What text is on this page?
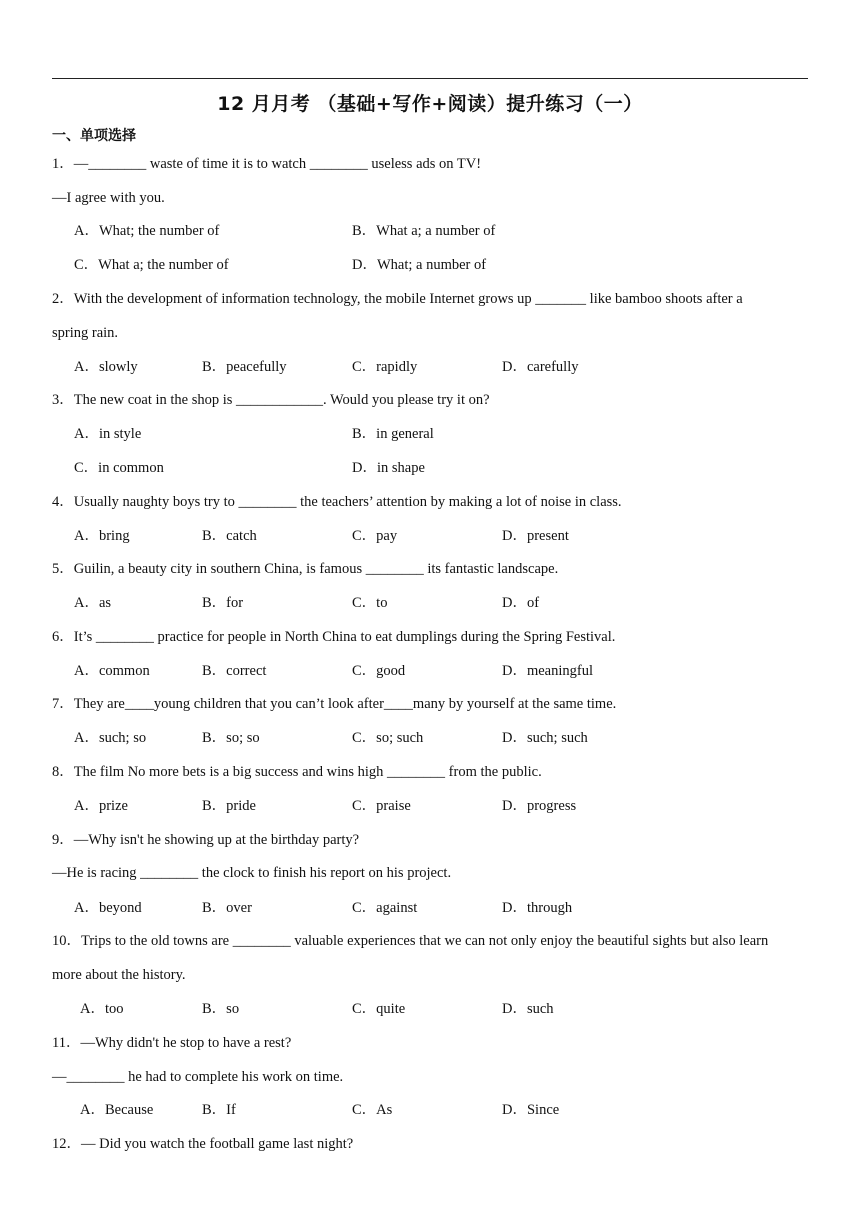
12 月月考 （基础+写作+阅读）提升练习（一）
一、单项选择
1．—________ waste of time it is to watch ________ useless ads on TV!
—I agree with you.
A．What; the number of	B．What a; a number of
C．What a; the number of	D．What; a number of
2．With the development of information technology, the mobile Internet grows up _______ like bamboo shoots after a
spring rain.
A．slowly	B．peacefully	C．rapidly	D．carefully
3．The new coat in the shop is ____________. Would you please try it on?
A．in style	B．in general
C．in common	D．in shape
4．Usually naughty boys try to ________ the teachers’ attention by making a lot of noise in class.
A．bring	B．catch	C．pay	D．present
5．Guilin, a beauty city in southern China, is famous ________ its fantastic landscape.
A．as	B．for	C．to	D．of
6．It’s ________ practice for people in North China to eat dumplings during the Spring Festival.
A．common	B．correct	C．good	D．meaningful
7．They are____young children that you can’t look after____many by yourself at the same time.
A．such; so	B．so; so	C．so; such	D．such; such
8．The film No more bets is a big success and wins high ________ from the public.
A．prize	B．pride	C．praise	D．progress
9．—Why isn't he showing up at the birthday party?
—He is racing ________ the clock to finish his report on his project.
A．beyond	B．over	C．against	D．through
10．Trips to the old towns are ________ valuable experiences that we can not only enjoy the beautiful sights but also learn
more about the history.
A．too	B．so	C．quite	D．such
11．—Why didn't he stop to have a rest?
—________ he had to complete his work on time.
A．Because	B．If	C．As	D．Since
12．— Did you watch the football game last night?
